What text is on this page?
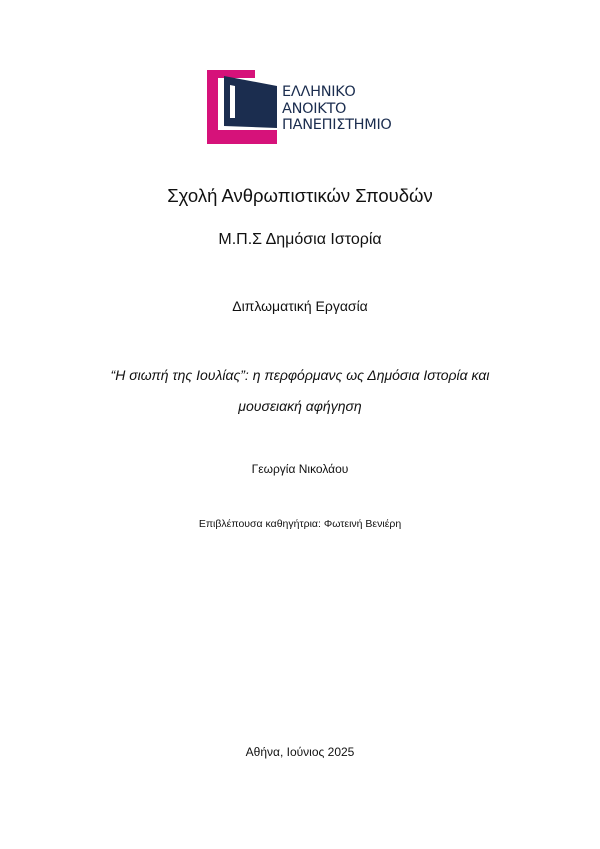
ΕΛΛΗΝΙΚΟ
ΑΝΟΙΚΤΟ
ΠΑΝΕΠΙΣΤΗΜΙΟ
Σχολή Ανθρωπιστικών Σπουδών
Μ.Π.Σ Δημόσια Ιστορία
Διπλωματική Εργασία
“Η σιωπή της Ιουλίας”: η περφόρμανς ως Δημόσια Ιστορία και
μουσειακή αφήγηση
Γεωργία Νικολάου
Επιβλέπουσα καθηγήτρια: Φωτεινή Βενιέρη
Αθήνα, Ιούνιος 2025
